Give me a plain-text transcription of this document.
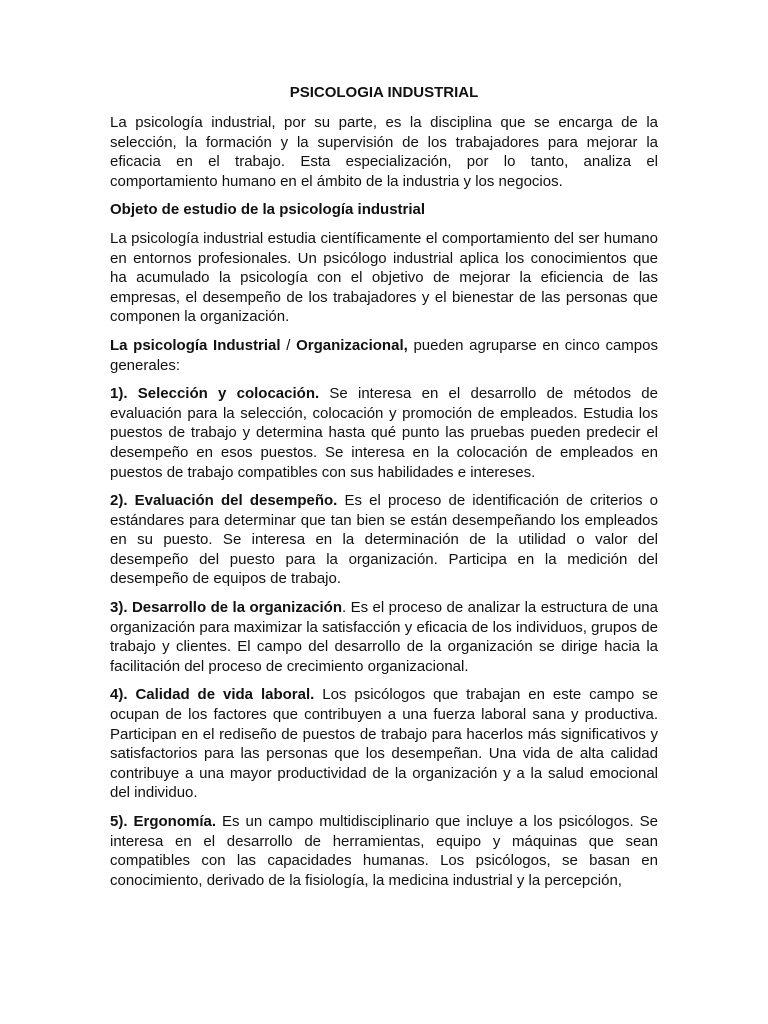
PSICOLOGIA INDUSTRIAL

La psicología industrial, por su parte, es la disciplina que se encarga de la selección, la formación y la supervisión de los trabajadores para mejorar la eficacia en el trabajo. Esta especialización, por lo tanto, analiza el comportamiento humano en el ámbito de la industria y los negocios.

Objeto de estudio de la psicología industrial

La psicología industrial estudia científicamente el comportamiento del ser humano en entornos profesionales. Un psicólogo industrial aplica los conocimientos que ha acumulado la psicología con el objetivo de mejorar la eficiencia de las empresas, el desempeño de los trabajadores y el bienestar de las personas que componen la organización.

La psicología Industrial / Organizacional, pueden agruparse en cinco campos generales:

1). Selección y colocación. Se interesa en el desarrollo de métodos de evaluación para la selección, colocación y promoción de empleados. Estudia los puestos de trabajo y determina hasta qué punto las pruebas pueden predecir el desempeño en esos puestos. Se interesa en la colocación de empleados en puestos de trabajo compatibles con sus habilidades e intereses.

2). Evaluación del desempeño. Es el proceso de identificación de criterios o estándares para determinar que tan bien se están desempeñando los empleados en su puesto. Se interesa en la determinación de la utilidad o valor del desempeño del puesto para la organización. Participa en la medición del desempeño de equipos de trabajo.

3). Desarrollo de la organización. Es el proceso de analizar la estructura de una organización para maximizar la satisfacción y eficacia de los individuos, grupos de trabajo y clientes. El campo del desarrollo de la organización se dirige hacia la facilitación del proceso de crecimiento organizacional.

4). Calidad de vida laboral. Los psicólogos que trabajan en este campo se ocupan de los factores que contribuyen a una fuerza laboral sana y productiva. Participan en el rediseño de puestos de trabajo para hacerlos más significativos y satisfactorios para las personas que los desempeñan. Una vida de alta calidad contribuye a una mayor productividad de la organización y a la salud emocional del individuo.

5). Ergonomía. Es un campo multidisciplinario que incluye a los psicólogos. Se interesa en el desarrollo de herramientas, equipo y máquinas que sean compatibles con las capacidades humanas. Los psicólogos, se basan en conocimiento, derivado de la fisiología, la medicina industrial y la percepción,
